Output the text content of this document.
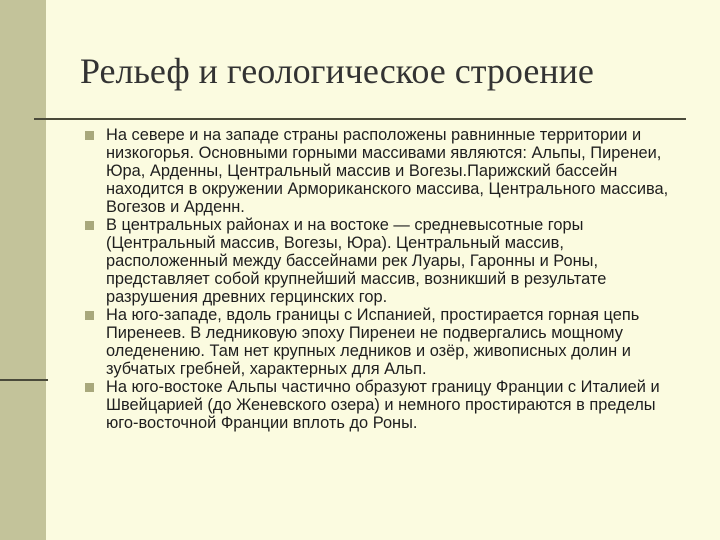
Рельеф и геологическое строение
На севере и на западе страны расположены равнинные территории и низкогорья. Основными горными массивами являются: Альпы, Пиренеи, Юра, Арденны, Центральный массив и Вогезы.Парижский бассейн находится в окружении Армориканского массива, Центрального массива, Вогезов и Арденн.
В центральных районах и на востоке — средневысотные горы (Центральный массив, Вогезы, Юра). Центральный массив, расположенный между бассейнами рек Луары, Гаронны и Роны, представляет собой крупнейший массив, возникший в результате разрушения древних герцинских гор.
На юго-западе, вдоль границы с Испанией, простирается горная цепь Пиренеев. В ледниковую эпоху Пиренеи не подвергались мощному оледенению. Там нет крупных ледников и озёр, живописных долин и зубчатых гребней, характерных для Альп.
На юго-востоке Альпы частично образуют границу Франции с Италией и Швейцарией (до Женевского озера) и немного простираются в пределы юго-восточной Франции вплоть до Роны.
